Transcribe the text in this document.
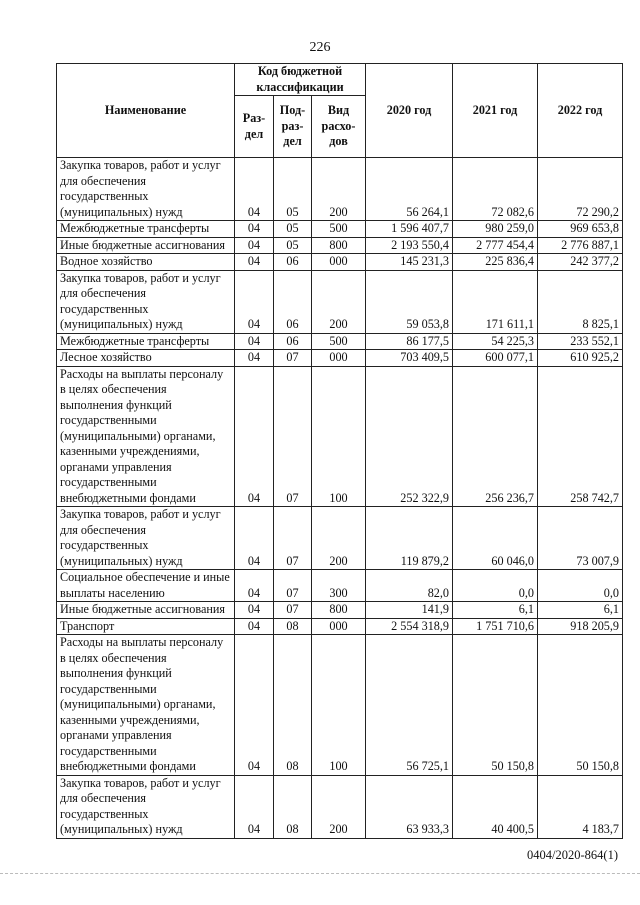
226
Наименование	Код бюджетной классификации			2020 год	2021 год	2022 год
	Раз-дел	Под-раз-дел	Вид расхо-дов			
Закупка товаров, работ и услуг для обеспечения государственных (муниципальных) нужд	04	05	200	56 264,1	72 082,6	72 290,2
Межбюджетные трансферты	04	05	500	1 596 407,7	980 259,0	969 653,8
Иные бюджетные ассигнования	04	05	800	2 193 550,4	2 777 454,4	2 776 887,1
Водное хозяйство	04	06	000	145 231,3	225 836,4	242 377,2
Закупка товаров, работ и услуг для обеспечения государственных (муниципальных) нужд	04	06	200	59 053,8	171 611,1	8 825,1
Межбюджетные трансферты	04	06	500	86 177,5	54 225,3	233 552,1
Лесное хозяйство	04	07	000	703 409,5	600 077,1	610 925,2
Расходы на выплаты персоналу в целях обеспечения выполнения функций государственными (муниципальными) органами, казенными учреждениями, органами управления государственными внебюджетными фондами	04	07	100	252 322,9	256 236,7	258 742,7
Закупка товаров, работ и услуг для обеспечения государственных (муниципальных) нужд	04	07	200	119 879,2	60 046,0	73 007,9
Социальное обеспечение и иные выплаты населению	04	07	300	82,0	0,0	0,0
Иные бюджетные ассигнования	04	07	800	141,9	6,1	6,1
Транспорт	04	08	000	2 554 318,9	1 751 710,6	918 205,9
Расходы на выплаты персоналу в целях обеспечения выполнения функций государственными (муниципальными) органами, казенными учреждениями, органами управления государственными внебюджетными фондами	04	08	100	56 725,1	50 150,8	50 150,8
Закупка товаров, работ и услуг для обеспечения государственных (муниципальных) нужд	04	08	200	63 933,3	40 400,5	4 183,7
0404/2020-864(1)
